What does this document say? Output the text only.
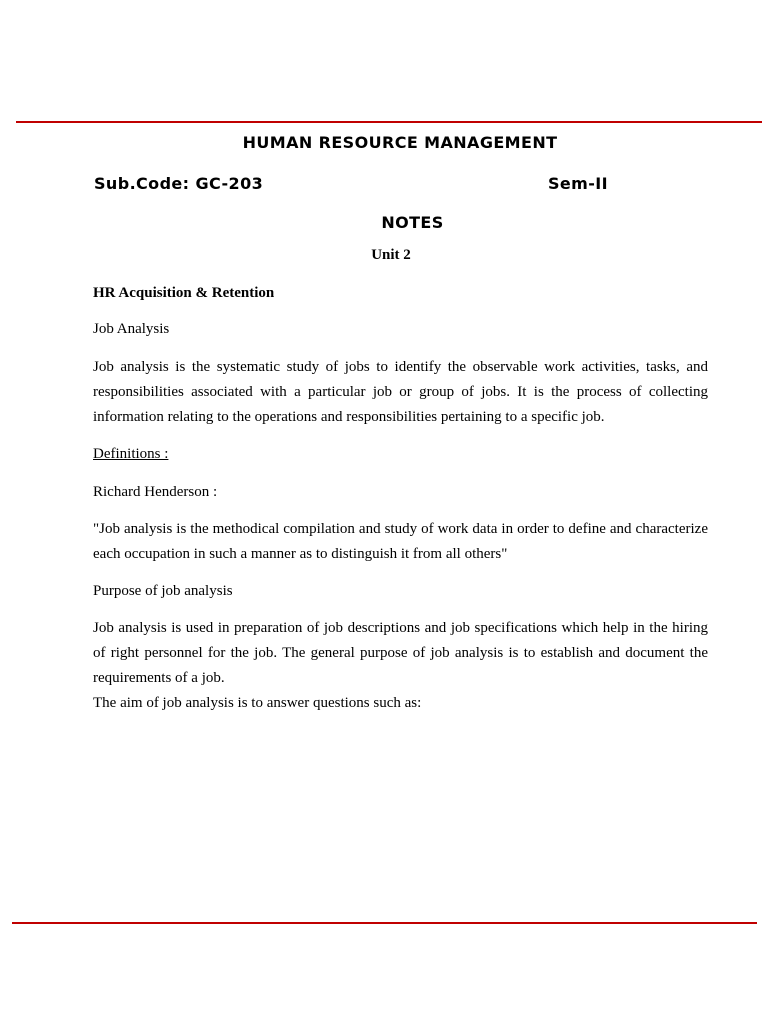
HUMAN RESOURCE MANAGEMENT
Sub.Code: GC-203	Sem-II
NOTES
Unit 2
HR Acquisition & Retention
Job Analysis
Job analysis is the systematic study of jobs to identify the observable work activities, tasks, and responsibilities associated with a particular job or group of jobs. It is the process of collecting information relating to the operations and responsibilities pertaining to a specific job.
Definitions :
Richard Henderson :
"Job analysis is the methodical compilation and study of work data in order to define and characterize each occupation in such a manner as to distinguish it from all others"
Purpose of job analysis
Job analysis is used in preparation of job descriptions and job specifications which help in the hiring of right personnel for the job. The general purpose of job analysis is to establish and document the requirements of a job.
The aim of job analysis is to answer questions such as:
